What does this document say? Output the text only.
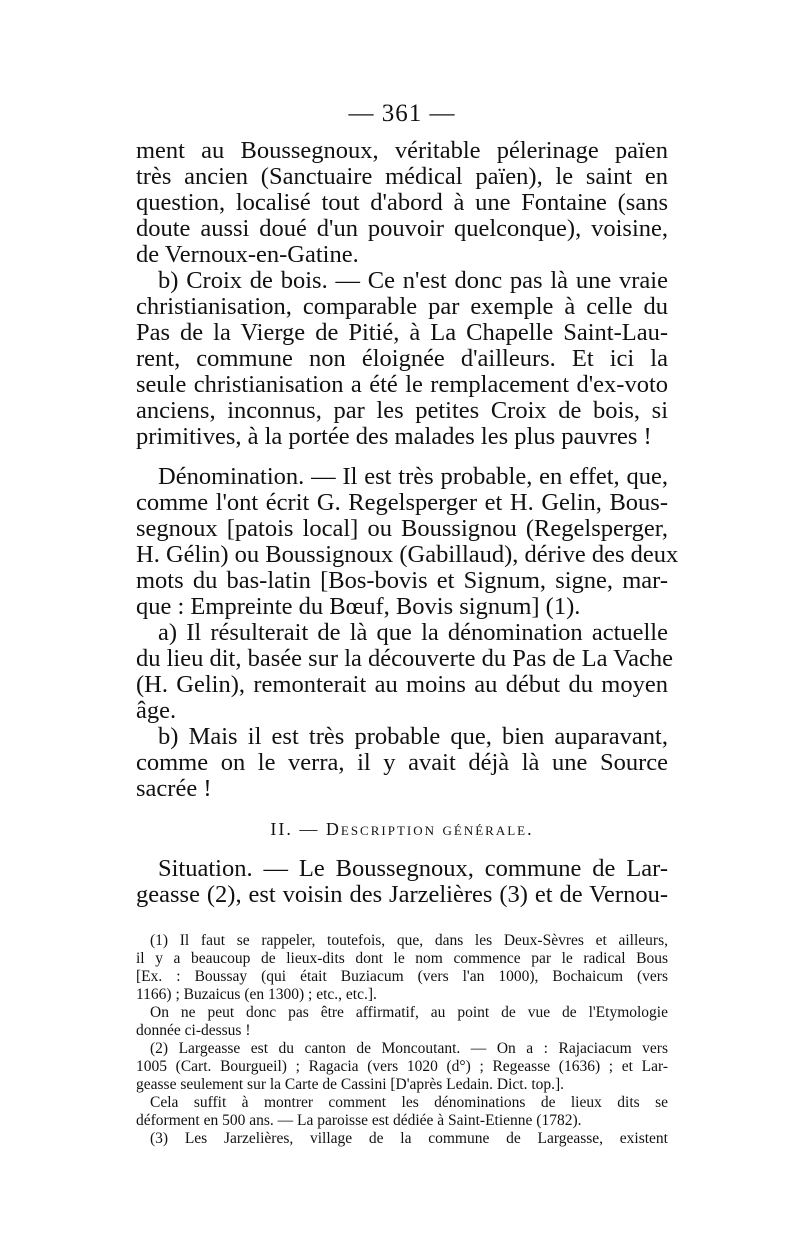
— 361 —
ment au Boussegnoux, véritable pélerinage païen
très ancien (Sanctuaire médical païen), le saint en
question, localisé tout d'abord à une Fontaine (sans
doute aussi doué d'un pouvoir quelconque), voisine,
de Vernoux-en-Gatine.
b) Croix de bois. — Ce n'est donc pas là une vraie
christianisation, comparable par exemple à celle du
Pas de la Vierge de Pitié, à La Chapelle Saint-Lau-
rent, commune non éloignée d'ailleurs. Et ici la
seule christianisation a été le remplacement d'ex-voto
anciens, inconnus, par les petites Croix de bois, si
primitives, à la portée des malades les plus pauvres !
Dénomination. — Il est très probable, en effet, que,
comme l'ont écrit G. Regelsperger et H. Gelin, Bous-
segnoux [patois local] ou Boussignou (Regelsperger,
H. Gélin) ou Boussignoux (Gabillaud), dérive des deux
mots du bas-latin [Bos-bovis et Signum, signe, mar-
que : Empreinte du Bœuf, Bovis signum] (1).
a) Il résulterait de là que la dénomination actuelle
du lieu dit, basée sur la découverte du Pas de La Vache
(H. Gelin), remonterait au moins au début du moyen
âge.
b) Mais il est très probable que, bien auparavant,
comme on le verra, il y avait déjà là une Source
sacrée !
II. — Description générale.
Situation. — Le Boussegnoux, commune de Lar-
geasse (2), est voisin des Jarzelières (3) et de Vernou-
(1) Il faut se rappeler, toutefois, que, dans les Deux-Sèvres et ailleurs,
il y a beaucoup de lieux-dits dont le nom commence par le radical Bous
[Ex. : Boussay (qui était Buziacum (vers l'an 1000), Bochaicum (vers
1166) ; Buzaicus (en 1300) ; etc., etc.].
On ne peut donc pas être affirmatif, au point de vue de l'Etymologie
donnée ci-dessus !
(2) Largeasse est du canton de Moncoutant. — On a : Rajaciacum vers
1005 (Cart. Bourgueil) ; Ragacia (vers 1020 (d°) ; Regeasse (1636) ; et Lar-
geasse seulement sur la Carte de Cassini [D'après Ledain. Dict. top.].
Cela suffit à montrer comment les dénominations de lieux dits se
déforment en 500 ans. — La paroisse est dédiée à Saint-Etienne (1782).
(3) Les Jarzelières, village de la commune de Largeasse, existent
